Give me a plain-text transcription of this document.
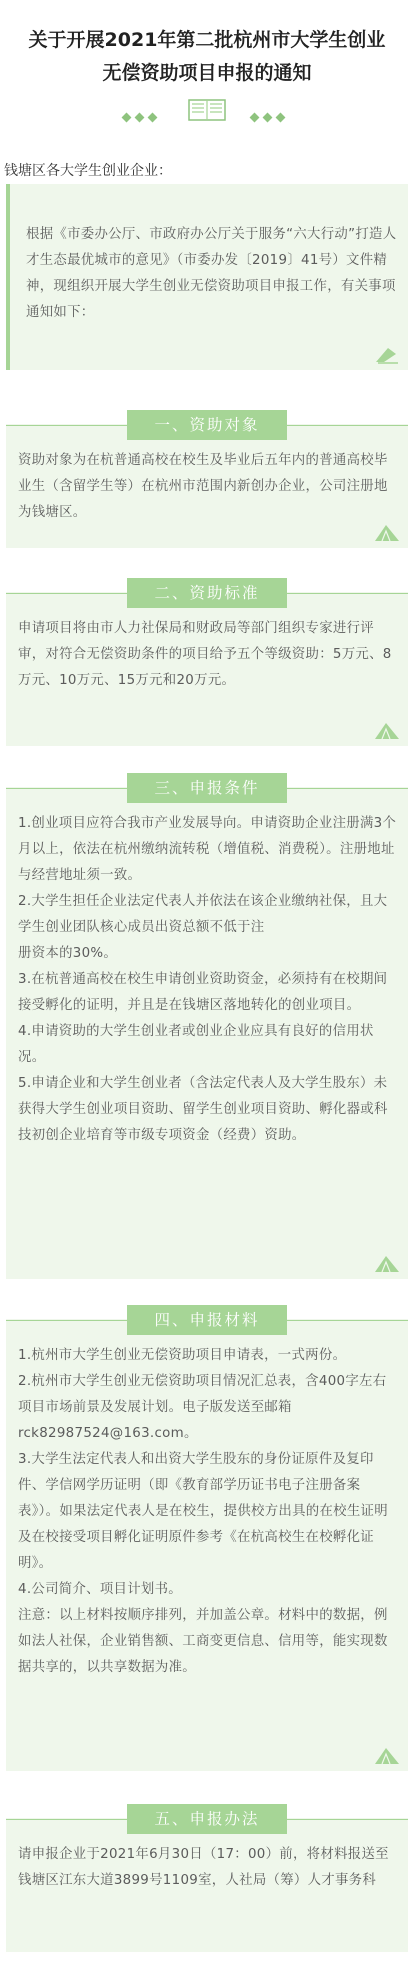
关于开展2021年第二批杭州市大学生创业
无偿资助项目申报的通知
钱塘区各大学生创业企业：
根据《市委办公厅、市政府办公厅关于服务“六大行动”打造人才生态最优城市的意见》（市委办发〔2019〕41号）文件精神，现组织开展大学生创业无偿资助项目申报工作，有关事项通知如下：

资助对象为在杭普通高校在校生及毕业后五年内的普通高校毕业生（含留学生等）在杭州市范围内新创办企业，公司注册地为钱塘区。

一、资助对象

申请项目将由市人力社保局和财政局等部门组织专家进行评审，对符合无偿资助条件的项目给予五个等级资助：5万元、8万元、10万元、15万元和20万元。

二、资助标准

1.创业项目应符合我市产业发展导向。申请资助企业注册满3个月以上，依法在杭州缴纳流转税（增值税、消费税）。注册地址与经营地址须一致。

2.大学生担任企业法定代表人并依法在该企业缴纳社保，且大学生创业团队核心成员出资总额不低于注

册资本的30%。

3.在杭普通高校在校生申请创业资助资金，必须持有在校期间接受孵化的证明，并且是在钱塘区落地转化的创业项目。

4.申请资助的大学生创业者或创业企业应具有良好的信用状况。

5.申请企业和大学生创业者（含法定代表人及大学生股东）未获得大学生创业项目资助、留学生创业项目资助、孵化器或科技初创企业培育等市级专项资金（经费）资助。

三、申报条件

1.杭州市大学生创业无偿资助项目申请表，一式两份。

2.杭州市大学生创业无偿资助项目情况汇总表，含400字左右项目市场前景及发展计划。电子版发送至邮箱rck82987524@163.com。

3.大学生法定代表人和出资大学生股东的身份证原件及复印件、学信网学历证明（即《教育部学历证书电子注册备案表》）。如果法定代表人是在校生，提供校方出具的在校生证明及在校接受项目孵化证明原件参考《在杭高校生在校孵化证明》。

4.公司简介、项目计划书。

注意：以上材料按顺序排列，并加盖公章。材料中的数据，例如法人社保，企业销售额、工商变更信息、信用等，能实现数据共享的，以共享数据为准。

四、申报材料

请申报企业于2021年6月30日（17：00）前，将材料报送至钱塘区江东大道3899号1109室，人社局（筹）人才事务科

五、申报办法
